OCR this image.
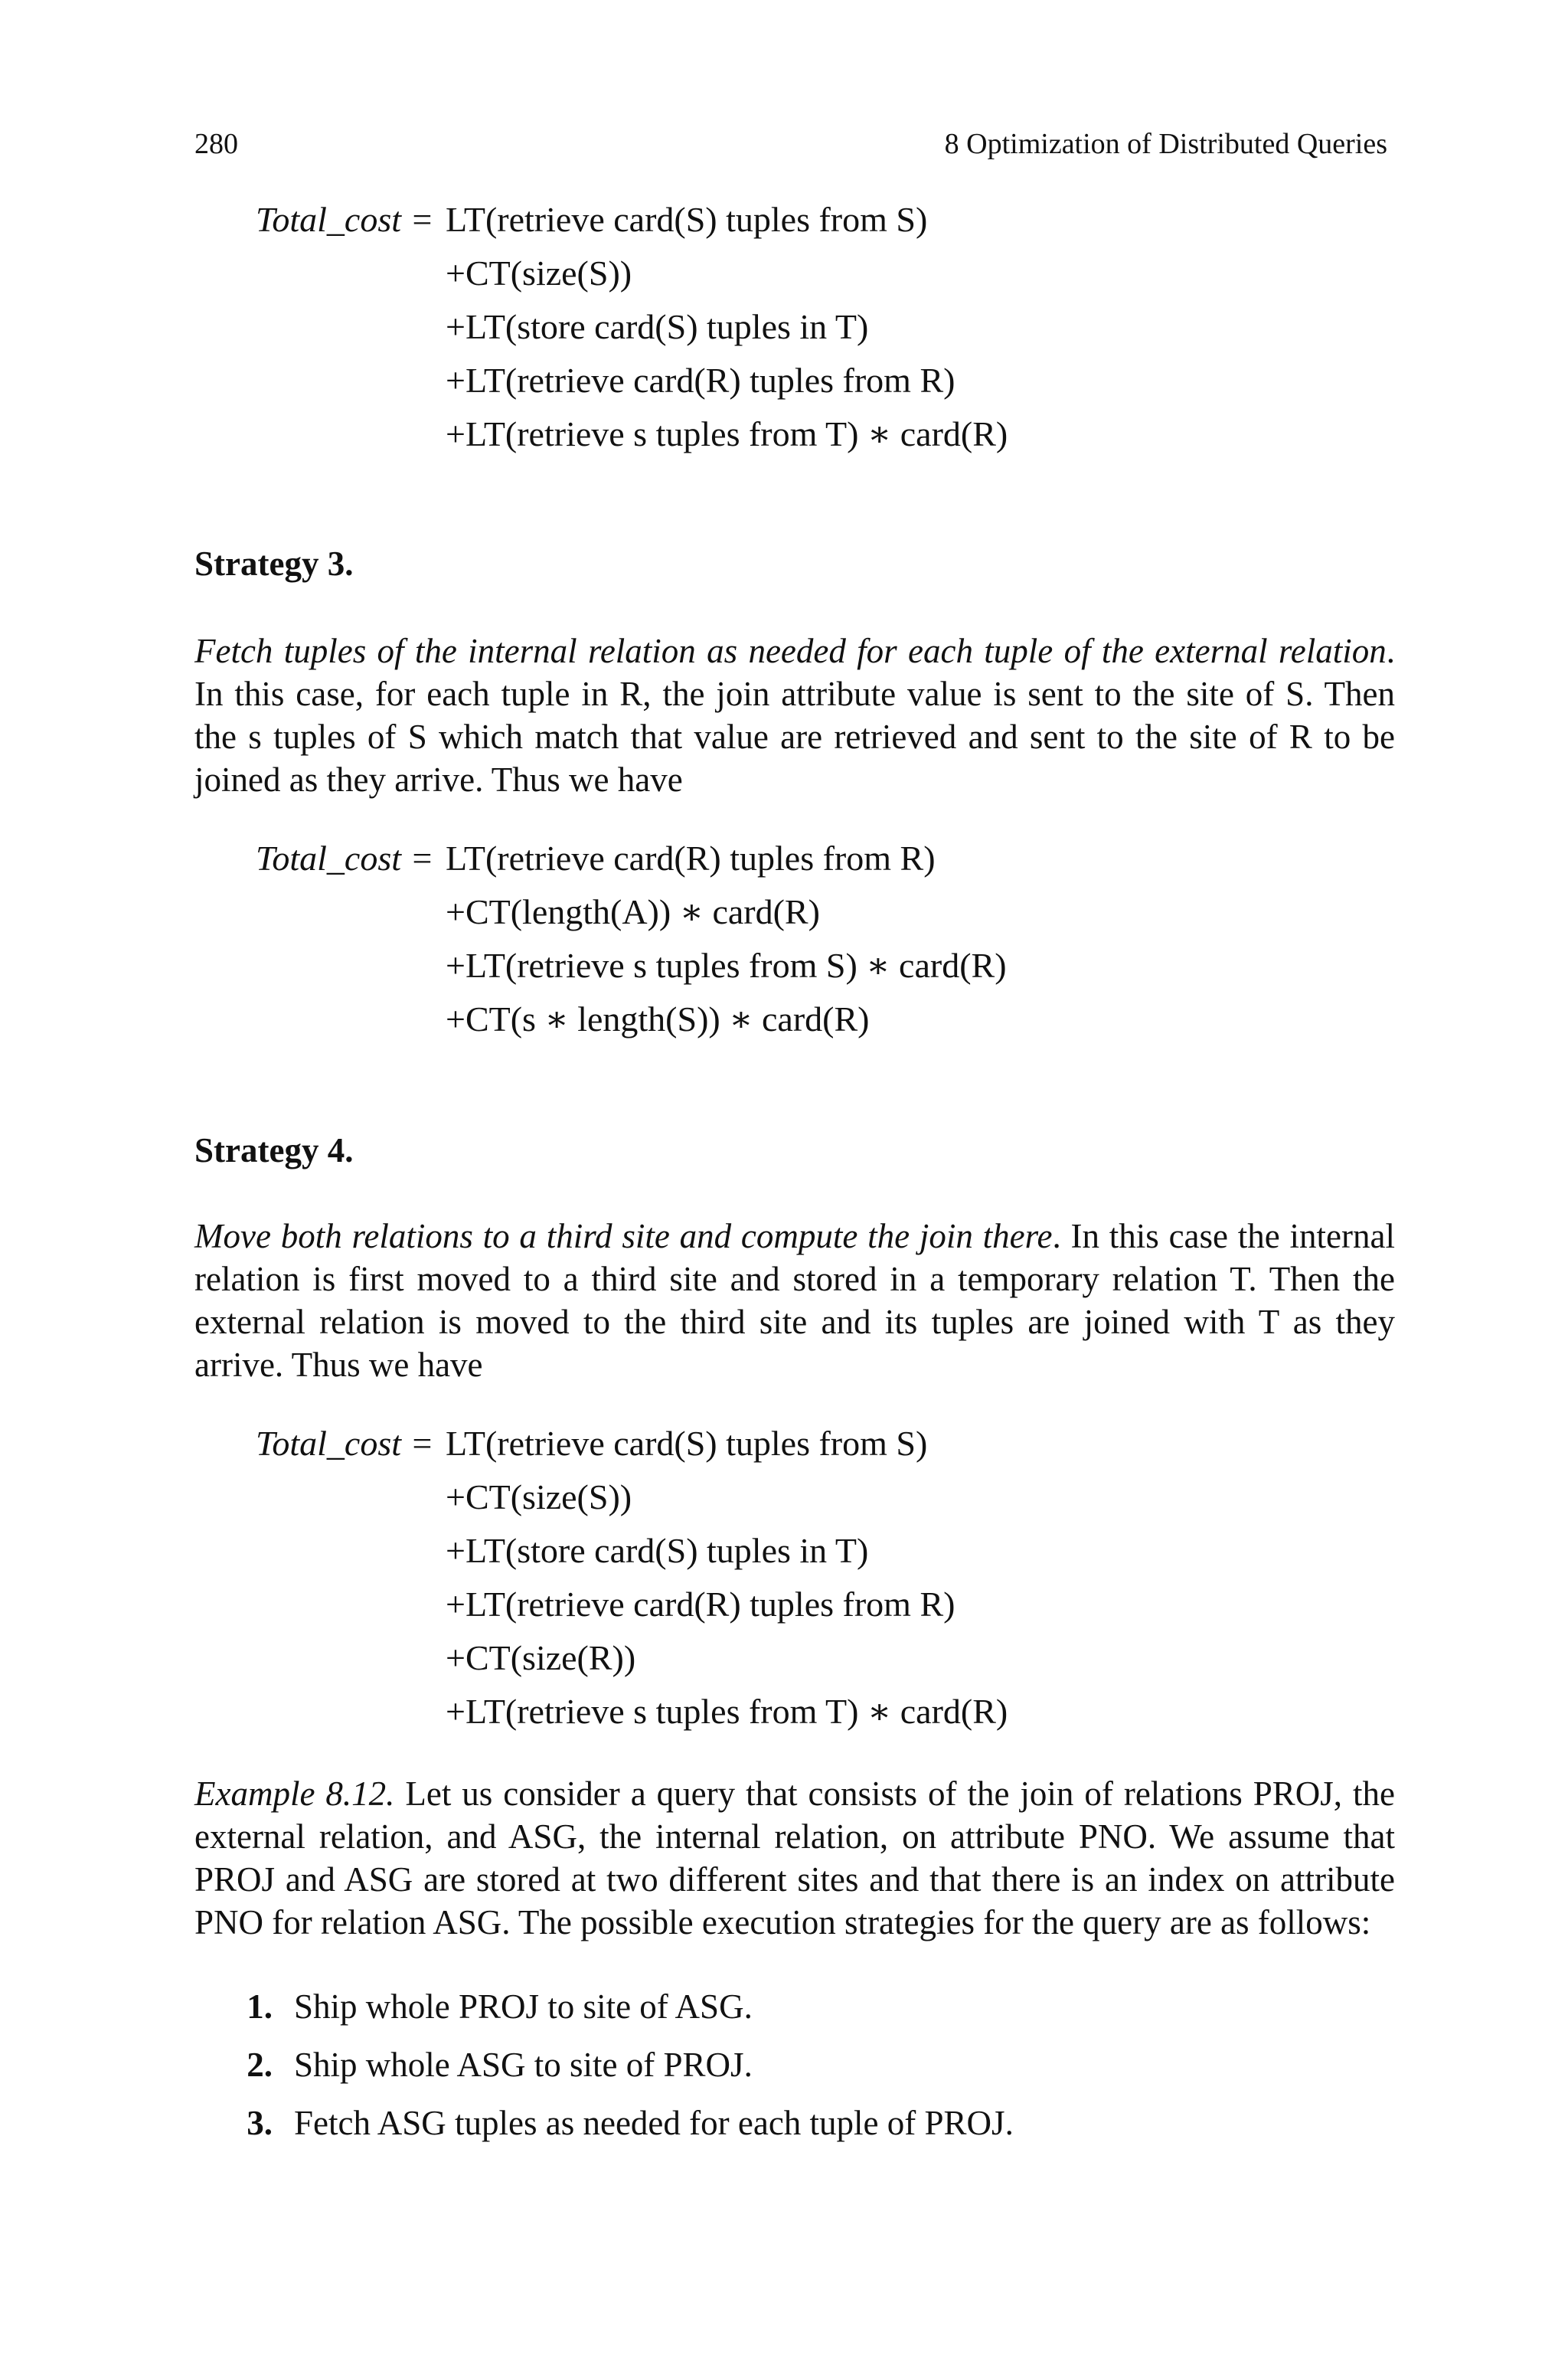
280	8 Optimization of Distributed Queries
Total_cost = LT(retrieve card(S) tuples from S)
+CT(size(S))
+LT(store card(S) tuples in T)
+LT(retrieve card(R) tuples from R)
+LT(retrieve s tuples from T) ∗ card(R)
Strategy 3.
Fetch tuples of the internal relation as needed for each tuple of the external relation.
In this case, for each tuple in R, the join attribute value is sent to the site of S. Then
the s tuples of S which match that value are retrieved and sent to the site of R to be
joined as they arrive. Thus we have
Total_cost = LT(retrieve card(R) tuples from R)
+CT(length(A)) ∗ card(R)
+LT(retrieve s tuples from S) ∗ card(R)
+CT(s ∗ length(S)) ∗ card(R)
Strategy 4.
Move both relations to a third site and compute the join there. In this case the internal
relation is first moved to a third site and stored in a temporary relation T. Then the
external relation is moved to the third site and its tuples are joined with T as they
arrive. Thus we have
Total_cost = LT(retrieve card(S) tuples from S)
+CT(size(S))
+LT(store card(S) tuples in T)
+LT(retrieve card(R) tuples from R)
+CT(size(R))
+LT(retrieve s tuples from T) ∗ card(R)
Example 8.12. Let us consider a query that consists of the join of relations PROJ, the
external relation, and ASG, the internal relation, on attribute PNO. We assume that
PROJ and ASG are stored at two different sites and that there is an index on attribute
PNO for relation ASG. The possible execution strategies for the query are as follows:
1. Ship whole PROJ to site of ASG.
2. Ship whole ASG to site of PROJ.
3. Fetch ASG tuples as needed for each tuple of PROJ.
